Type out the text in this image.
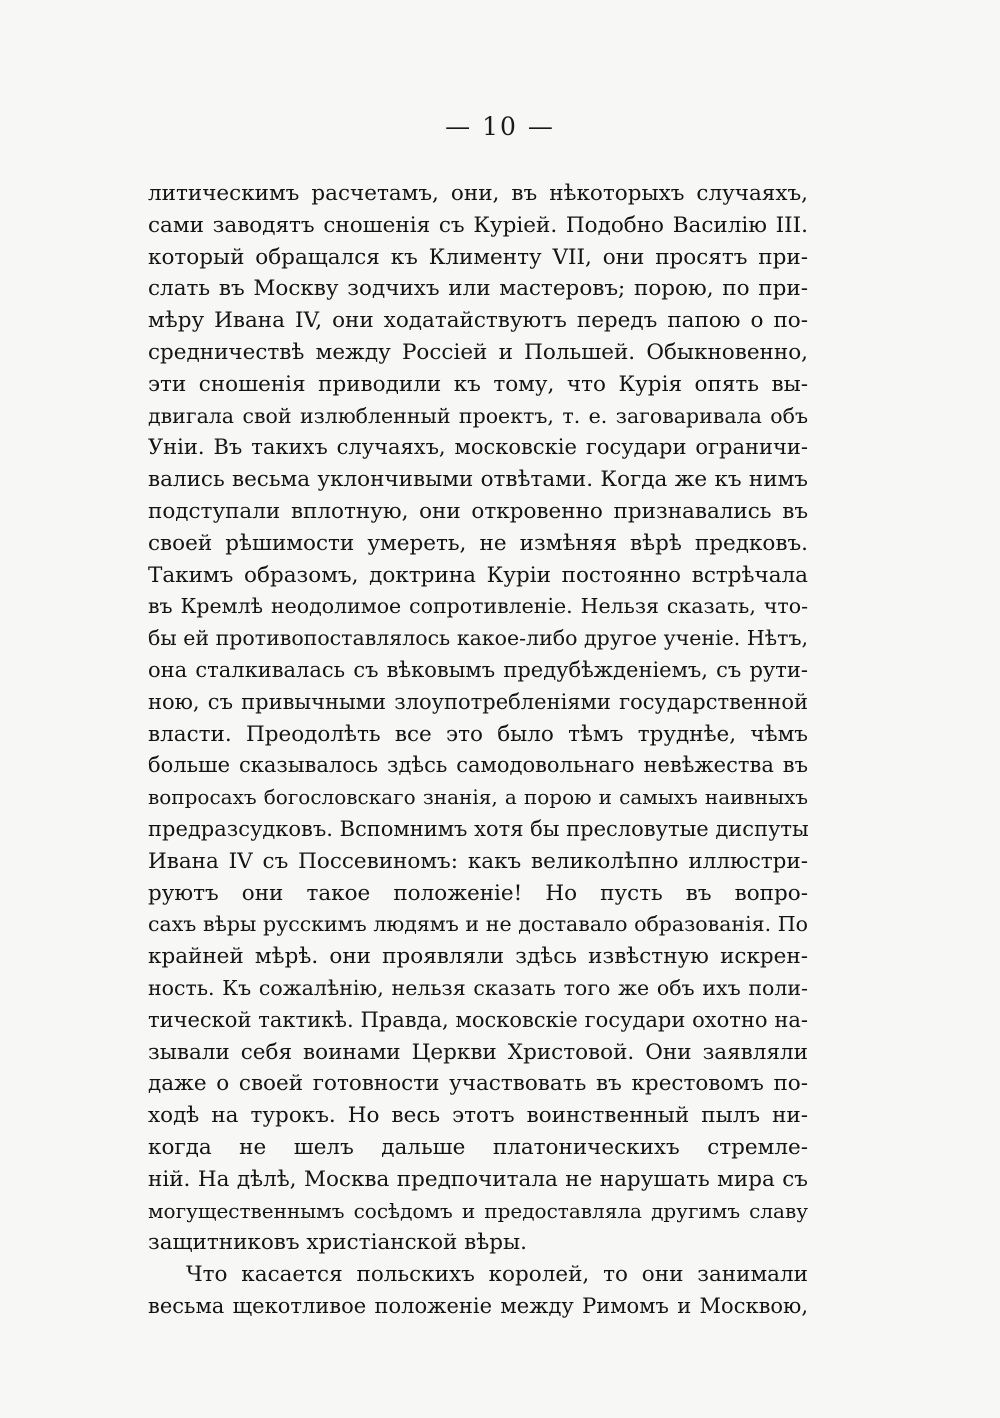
— 10 —
литическимъ расчетамъ, они, въ нѣкоторыхъ случаяхъ,
сами заводятъ сношенія съ Куріей. Подобно Василію III.
который обращался къ Клименту VII, они просятъ при-
слать въ Москву зодчихъ или мастеровъ; порою, по при-
мѣру Ивана IV, они ходатайствуютъ передъ папою о по-
средничествѣ между Россіей и Польшей. Обыкновенно,
эти сношенія приводили къ тому, что Курія опять вы-
двигала свой излюбленный проектъ, т. е. заговаривала объ
Уніи. Въ такихъ случаяхъ, московскіе государи ограничи-
вались весьма уклончивыми отвѣтами. Когда же къ нимъ
подступали вплотную, они откровенно признавались въ
своей рѣшимости умереть, не измѣняя вѣрѣ предковъ.
Такимъ образомъ, доктрина Куріи постоянно встрѣчала
въ Кремлѣ неодолимое сопротивленіе. Нельзя сказать, что-
бы ей противопоставлялось какое-либо другое ученіе. Нѣтъ,
она сталкивалась съ вѣковымъ предубѣжденіемъ, съ рути-
ною, съ привычными злоупотребленіями государственной
власти. Преодолѣть все это было тѣмъ труднѣе, чѣмъ
больше сказывалось здѣсь самодовольнаго невѣжества въ
вопросахъ богословскаго знанія, а порою и самыхъ наивныхъ
предразсудковъ. Вспомнимъ хотя бы пресловутые диспуты
Ивана IV съ Поссевиномъ: какъ великолѣпно иллюстри-
руютъ они такое положеніе! Но пусть въ вопро-
сахъ вѣры русскимъ людямъ и не доставало образованія. По
крайней мѣрѣ. они проявляли здѣсь извѣстную искрен-
ность. Къ сожалѣнію, нельзя сказать того же объ ихъ поли-
тической тактикѣ. Правда, московскіе государи охотно на-
зывали себя воинами Церкви Христовой. Они заявляли
даже о своей готовности участвовать въ крестовомъ по-
ходѣ на турокъ. Но весь этотъ воинственный пылъ ни-
когда не шелъ дальше платоническихъ стремле-
ній. На дѣлѣ, Москва предпочитала не нарушать мира съ
могущественнымъ сосѣдомъ и предоставляла другимъ славу
защитниковъ христіанской вѣры.
Что касается польскихъ королей, то они занимали
весьма щекотливое положеніе между Римомъ и Москвою,
